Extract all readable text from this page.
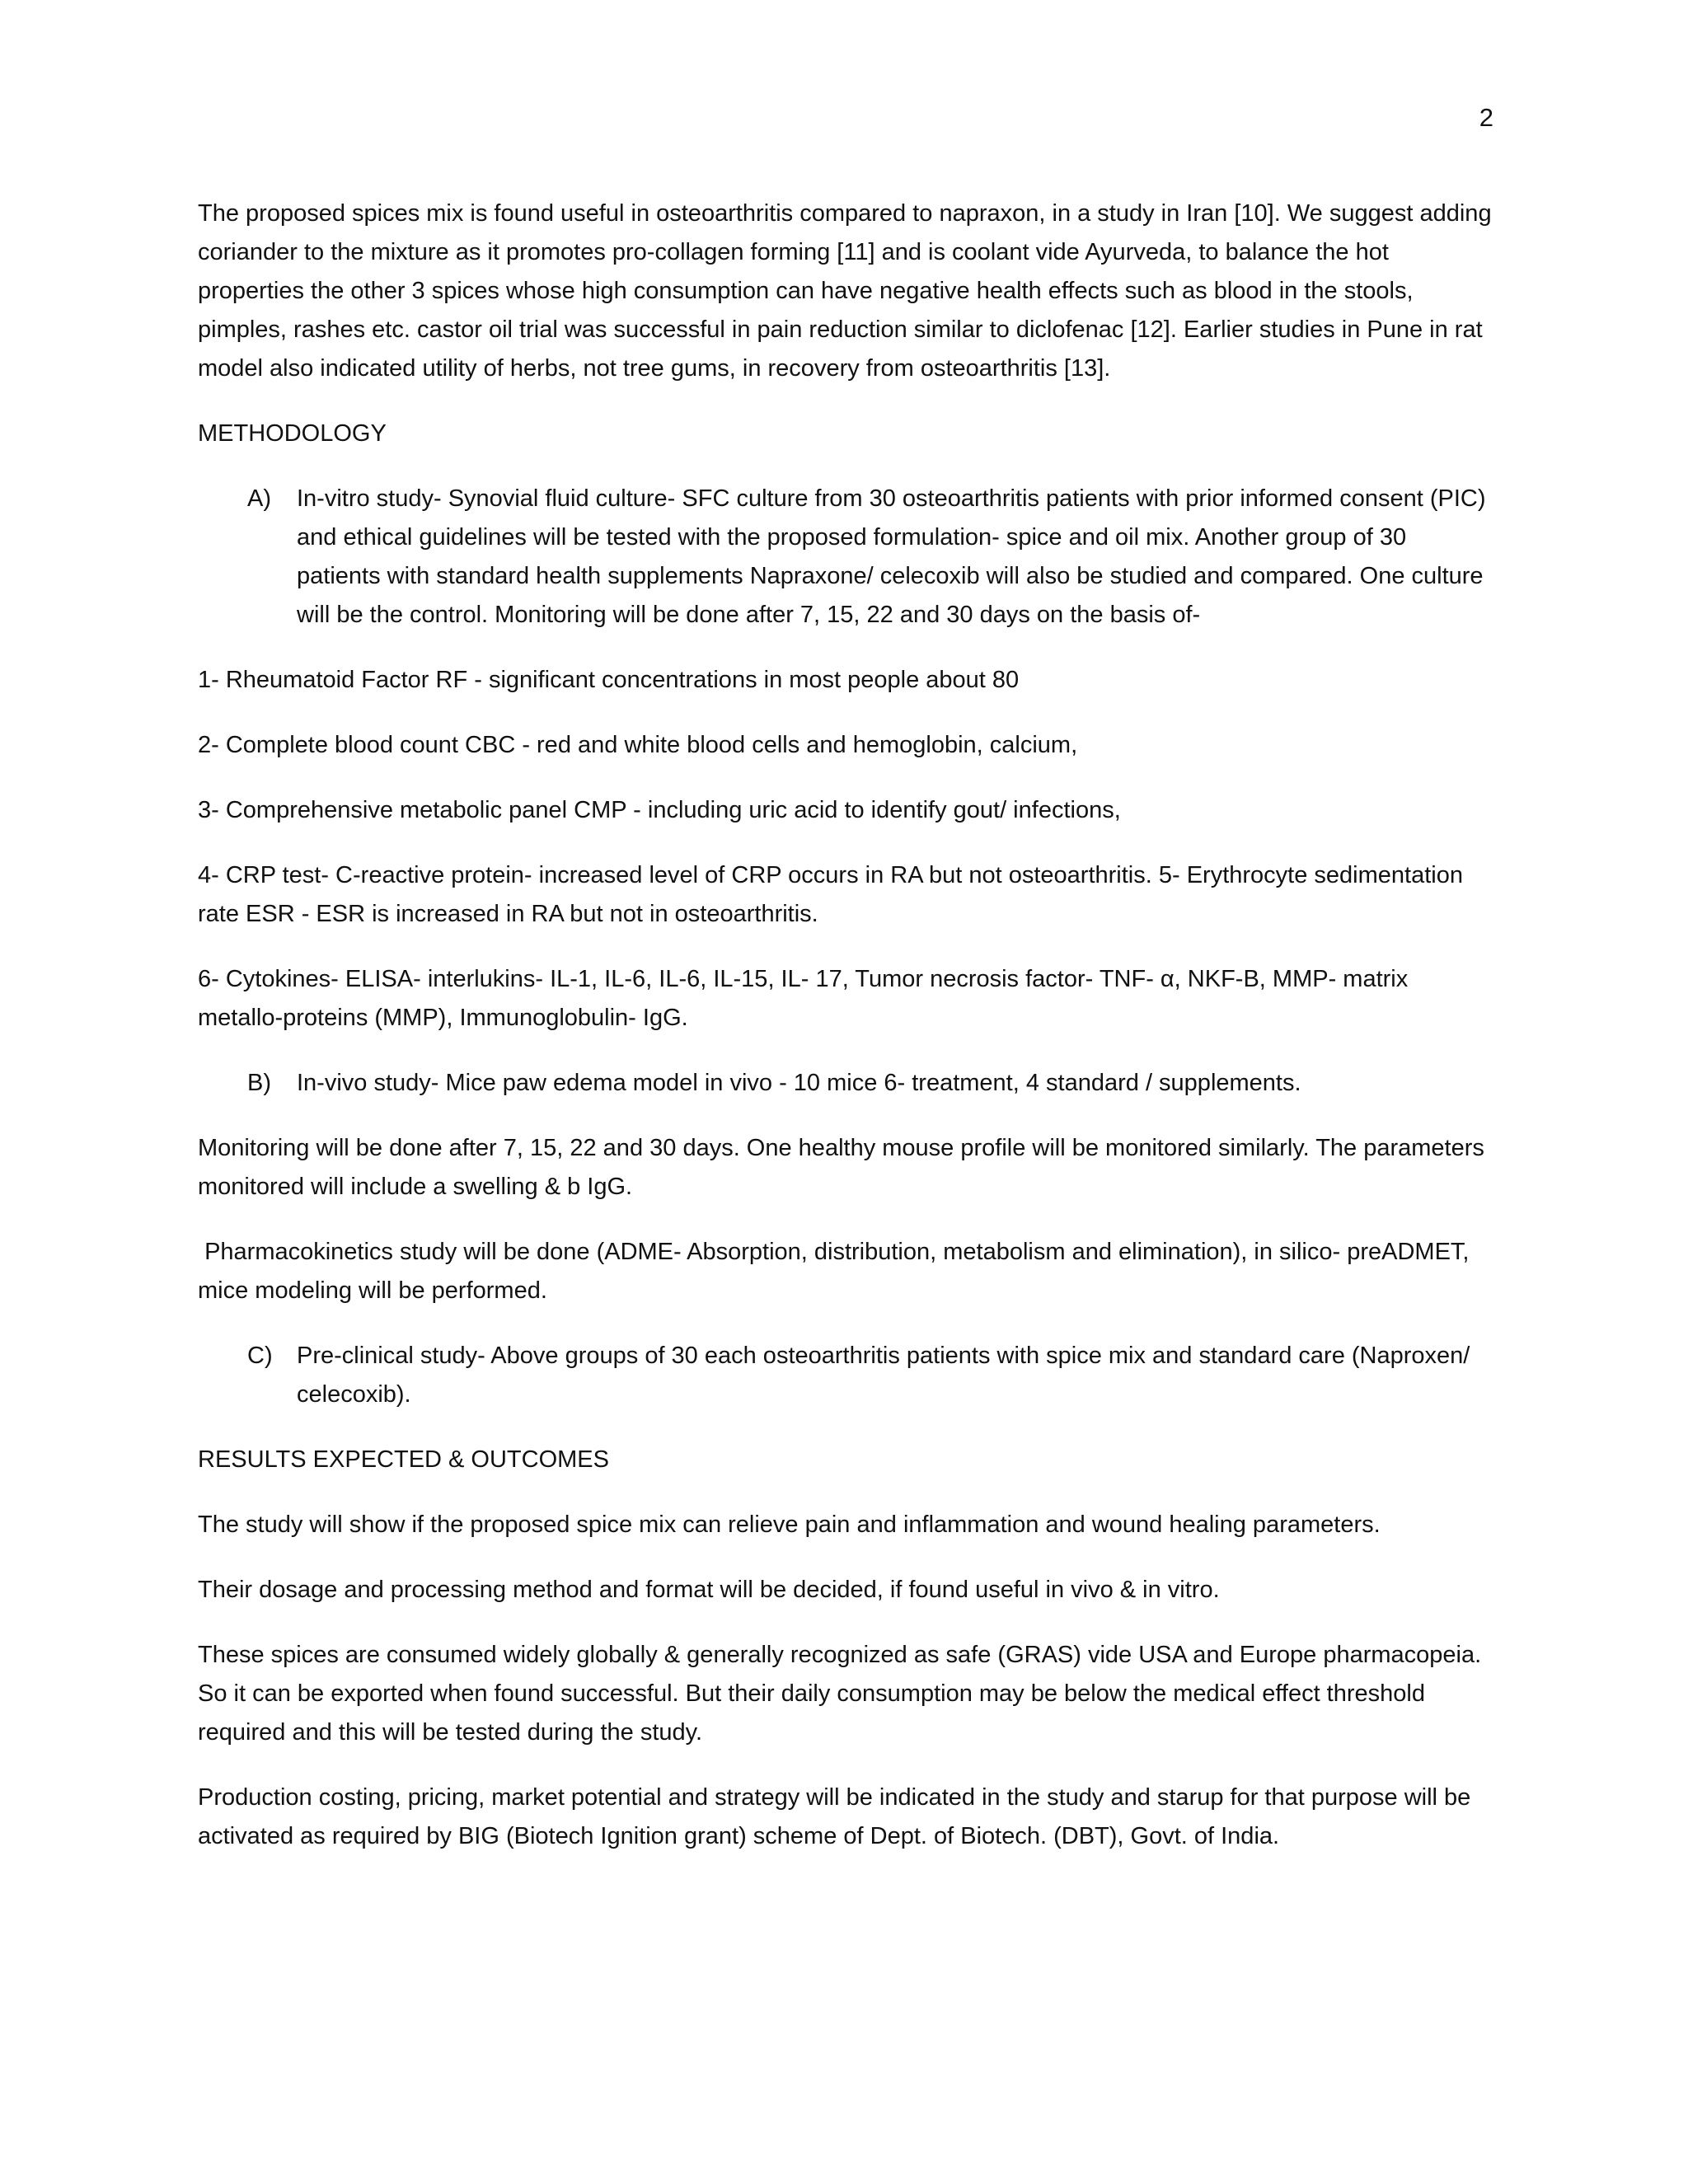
2

The proposed spices mix is found useful in osteoarthritis compared to napraxon, in a study in Iran [10]. We suggest adding coriander to the mixture as it promotes pro-collagen forming [11] and is coolant vide Ayurveda, to balance the hot properties the other 3 spices whose high consumption can have negative health effects such as blood in the stools, pimples, rashes etc. castor oil trial was successful in pain reduction similar to diclofenac [12]. Earlier studies in Pune in rat model also indicated utility of herbs, not tree gums, in recovery from osteoarthritis [13].

METHODOLOGY
A)	In-vitro study- Synovial fluid culture- SFC culture from 30 osteoarthritis patients with prior informed consent (PIC) and ethical guidelines will be tested with the proposed formulation- spice and oil mix. Another group of 30 patients with standard health supplements Napraxone/ celecoxib will also be studied and compared. One culture will be the control. Monitoring will be done after 7, 15, 22 and 30 days on the basis of-

1- Rheumatoid Factor RF - significant concentrations in most people about 80

2- Complete blood count CBC - red and white blood cells and hemoglobin, calcium,

3- Comprehensive metabolic panel CMP - including uric acid to identify gout/ infections,

4- CRP test- C-reactive protein- increased level of CRP occurs in RA but not osteoarthritis. 5- Erythrocyte sedimentation rate ESR - ESR is increased in RA but not in osteoarthritis.

6- Cytokines- ELISA- interlukins- IL-1, IL-6, IL-6, IL-15, IL- 17, Tumor necrosis factor- TNF- α, NKF-B, MMP- matrix metallo-proteins (MMP), Immunoglobulin- IgG.

B)	In-vivo study- Mice paw edema model in vivo - 10 mice 6- treatment, 4 standard / supplements.

Monitoring will be done after 7, 15, 22 and 30 days. One healthy mouse profile will be monitored similarly. The parameters monitored will include a swelling & b IgG.

Pharmacokinetics study will be done (ADME- Absorption, distribution, metabolism and elimination), in silico- preADMET, mice modeling will be performed.

C)	Pre-clinical study- Above groups of 30 each osteoarthritis patients with spice mix and standard care (Naproxen/ celecoxib).
RESULTS EXPECTED & OUTCOMES

The study will show if the proposed spice mix can relieve pain and inflammation and wound healing parameters.

Their dosage and processing method and format will be decided, if found useful in vivo & in vitro.

These spices are consumed widely globally & generally recognized as safe (GRAS) vide USA and Europe pharmacopeia. So it can be exported when found successful. But their daily consumption may be below the medical effect threshold required and this will be tested during the study.

Production costing, pricing, market potential and strategy will be indicated in the study and starup for that purpose will be activated as required by BIG (Biotech Ignition grant) scheme of Dept. of Biotech. (DBT), Govt. of India.
